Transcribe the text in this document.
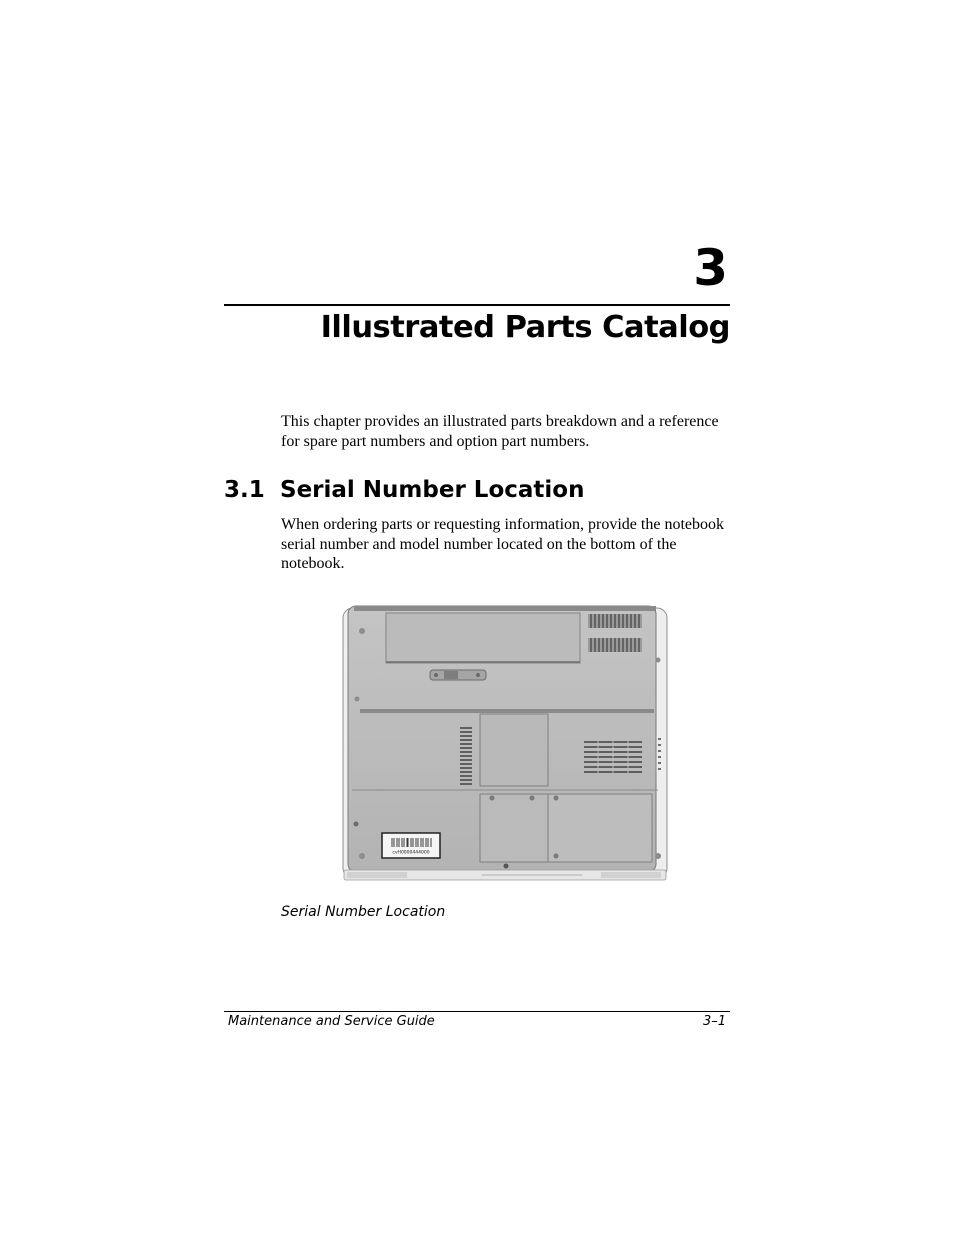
3
Illustrated Parts Catalog
This chapter provides an illustrated parts breakdown and a reference for spare part numbers and option part numbers.
3.1 Serial Number Location
When ordering parts or requesting information, provide the notebook serial number and model number located on the bottom of the notebook.
cvH0000444000
Serial Number Location
Maintenance and Service Guide	3–1
